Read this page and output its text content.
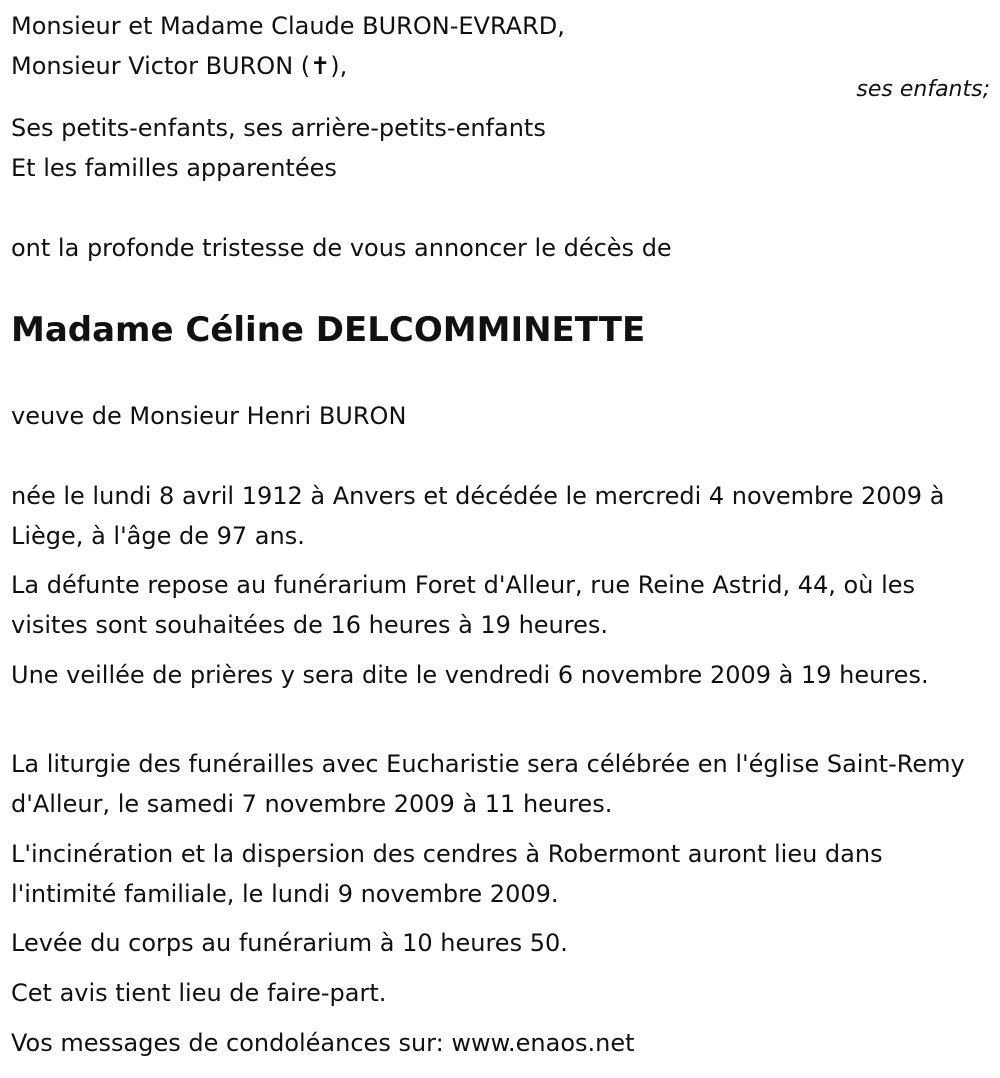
Monsieur et Madame Claude BURON-EVRARD,
Monsieur Victor BURON (✝),
Ses petits-enfants, ses arrière-petits-enfants
Et les familles apparentées
ont la profonde tristesse de vous annoncer le décès de
Madame Céline DELCOMMINETTE
veuve de Monsieur Henri BURON
née le lundi 8 avril 1912 à Anvers et décédée le mercredi 4 novembre 2009 à Liège, à l'âge de 97 ans.
La défunte repose au funérarium Foret d'Alleur, rue Reine Astrid, 44, où les visites sont souhaitées de 16 heures à 19 heures.
Une veillée de prières y sera dite le vendredi 6 novembre 2009 à 19 heures.
La liturgie des funérailles avec Eucharistie sera célébrée en l'église Saint-Remy d'Alleur, le samedi 7 novembre 2009 à 11 heures.
L'incinération et la dispersion des cendres à Robermont auront lieu dans l'intimité familiale, le lundi 9 novembre 2009.
Levée du corps au funérarium à 10 heures 50.
Cet avis tient lieu de faire-part.
Vos messages de condoléances sur: www.enaos.net
ses enfants;
